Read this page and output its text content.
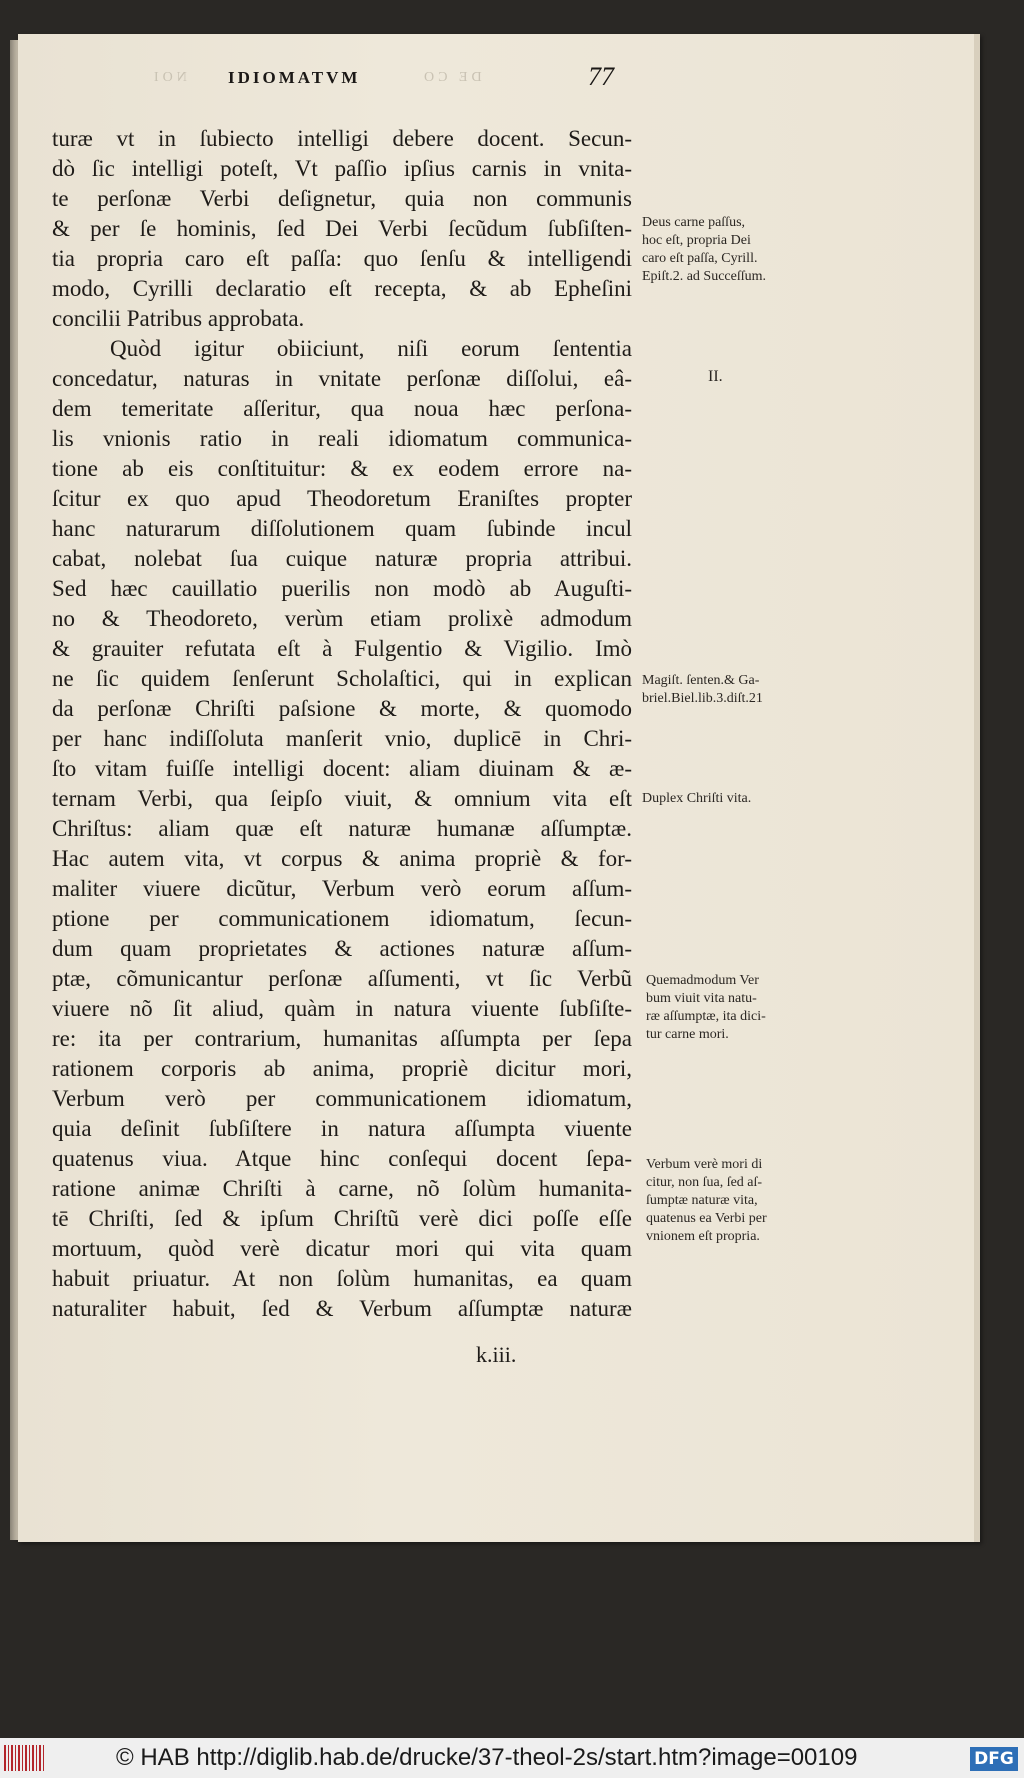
NOI IDIOMATVM	DE CO	77
turæ vt in ſubiecto intelligi debere docent. Secun-
dò ſic intelligi poteſt, Vt paſſio ipſius carnis in vnita-
te perſonæ Verbi deſignetur, quia non communis
& per ſe hominis, ſed Dei Verbi ſecũdum ſubſiſten-
tia propria caro eſt paſſa: quo ſenſu & intelligendi
modo, Cyrilli declaratio eſt recepta, & ab Epheſini
concilii Patribus approbata.
Quòd igitur obiiciunt, niſi eorum ſententia
concedatur, naturas in vnitate perſonæ diſſolui, eâ-
dem temeritate aſſeritur, qua noua hæc perſona-
lis vnionis ratio in reali idiomatum communica-
tione ab eis conſtituitur: & ex eodem errore na-
ſcitur ex quo apud Theodoretum Eraniſtes propter
hanc naturarum diſſolutionem quam ſubinde incul
cabat, nolebat ſua cuique naturæ propria attribui.
Sed hæc cauillatio puerilis non modò ab Auguſti-
no & Theodoreto, verùm etiam prolixè admodum
& grauiter refutata eſt à Fulgentio & Vigilio. Imò
ne ſic quidem ſenſerunt Scholaſtici, qui in explican
da perſonæ Chriſti paſsione & morte, & quomodo
per hanc indiſſoluta manſerit vnio, duplicē in Chri-
ſto vitam fuiſſe intelligi docent: aliam diuinam & æ-
ternam Verbi, qua ſeipſo viuit, & omnium vita eſt
Chriſtus: aliam quæ eſt naturæ humanæ aſſumptæ.
Hac autem vita, vt corpus & anima propriè & for-
maliter viuere dicũtur, Verbum verò eorum aſſum-
ptione per communicationem idiomatum, ſecun-
dum quam proprietates & actiones naturæ aſſum-
ptæ, cõmunicantur perſonæ aſſumenti, vt ſic Verbũ
viuere nõ ſit aliud, quàm in natura viuente ſubſiſte-
re: ita per contrarium, humanitas aſſumpta per ſepa
rationem corporis ab anima, propriè dicitur mori,
Verbum verò per communicationem idiomatum,
quia deſinit ſubſiſtere in natura aſſumpta viuente
quatenus viua. Atque hinc conſequi docent ſepa-
ratione animæ Chriſti à carne, nõ ſolùm humanita-
tē Chriſti, ſed & ipſum Chriſtũ verè dici poſſe eſſe
mortuum, quòd verè dicatur mori qui vita quam
habuit priuatur. At non ſolùm humanitas, ea quam
naturaliter habuit, ſed & Verbum aſſumptæ naturæ
k.iii.
Deus carne paſſus,
hoc eſt, propria Dei
caro eſt paſſa, Cyrill.
Epiſt.2. ad Succeſſum.
II.
Magiſt. ſenten.& Ga-
briel.Biel.lib.3.diſt.21
Duplex Chriſti vita.
Quemadmodum Ver
bum viuit vita natu-
ræ aſſumptæ, ita dici-
tur carne mori.
Verbum verè mori di
citur, non ſua, ſed aſ-
ſumptæ naturæ vita,
quatenus ea Verbi per
vnionem eſt propria.
© HAB http://diglib.hab.de/drucke/37-theol-2s/start.htm?image=00109	DFG
